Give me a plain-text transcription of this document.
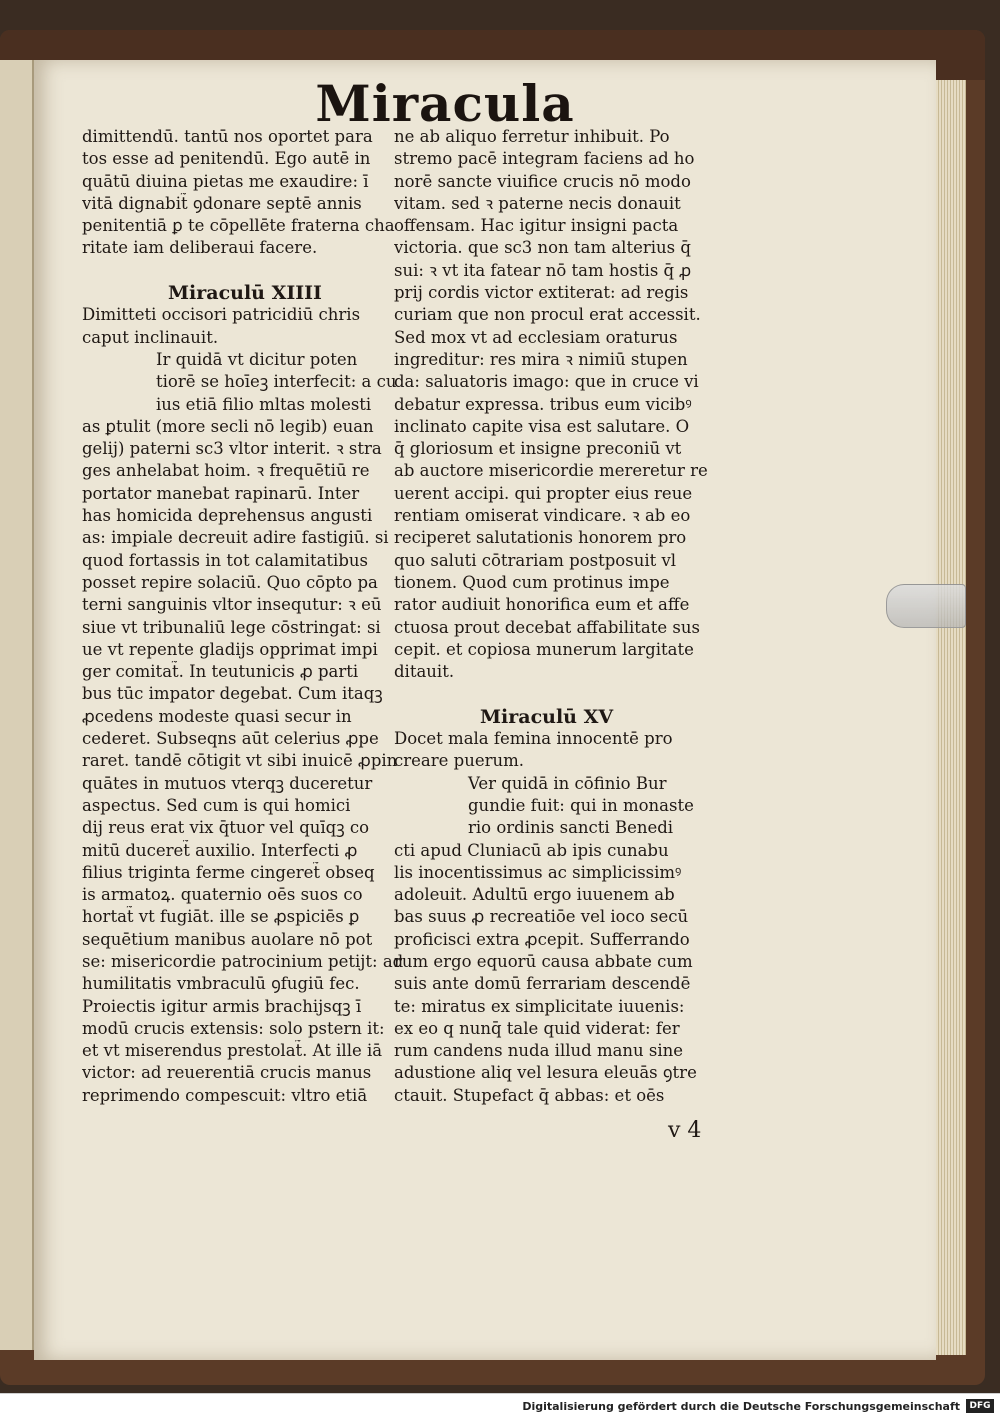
Miracula
dimittendū. tantū nos oportet para
tos esse ad penitendū. Ego autē in
quātū diuina pietas me exaudire: ī
vitā dignabit̃ ꝯdonare septē annis
penitentiā ꝑ te cōpellēte fraterna cha
ritate iam deliberaui facere.

Miraculū XIIII
Dimitteti occisori patricidiū chris
caput inclinauit.
Ir quidā vt dicitur poten
tiorē se hoīeꝫ interfecit: a cu
ius etiā filio mltas molesti
as ꝑtulit (more secli nō legib) euan
gelij) paterni sc3 vltor interit. ꝛ stra
ges anhelabat hoim. ꝛ frequētiū re
portator manebat rapinarū. Inter
has homicida deprehensus angusti
as: impiale decreuit adire fastigiū. si
quod fortassis in tot calamitatibus
posset repire solaciū. Quo cōpto pa
terni sanguinis vltor insequtur: ꝛ eū
siue vt tribunaliū lege cōstringat: si
ue vt repente gladijs opprimat impi
ger comitat̃. In teutunicis ꝓ parti
bus tūc impator degebat. Cum itaqꝫ
ꝓcedens modeste quasi secur in
cederet. Subseqns aūt celerius ꝓpe
raret. tandē cōtigit vt sibi inuicē ꝓpin
quātes in mutuos vterqꝫ duceretur
aspectus. Sed cum is qui homici
dij reus erat vix q̄tuor vel quīqꝫ co
mitū duceret̃ auxilio. Interfecti ꝓ
filius triginta ferme cingeret̃ obseq
is armatoꝝ. quaternio oēs suos co
hortat̃ vt fugiāt. ille se ꝓspiciēs ꝑ
sequētium manibus auolare nō pot
se: misericordie patrocinium petijt: ad
humilitatis vmbraculū ꝯfugiū fec.
Proiectis igitur armis brachijsqꝫ ī
modū crucis extensis: solo pstern it:
et vt miserendus prestolat̃. At ille iā
victor: ad reuerentiā crucis manus
reprimendo compescuit: vltro etiā
ne ab aliquo ferretur inhibuit. Po
stremo pacē integram faciens ad ho
norē sancte viuifice crucis nō modo
vitam. sed ꝛ paterne necis donauit
offensam. Hac igitur insigni pacta
victoria. que sc3 non tam alterius q̄
sui: ꝛ vt ita fatear nō tam hostis q̄ ꝓ
prij cordis victor extiterat: ad regis
curiam que non procul erat accessit.
Sed mox vt ad ecclesiam oraturus
ingreditur: res mira ꝛ nimiū stupen
da: saluatoris imago: que in cruce vi
debatur expressa. tribus eum vicibꝰ
inclinato capite visa est salutare. O
q̄ gloriosum et insigne preconiū vt
ab auctore misericordie mereretur re
uerent accipi. qui propter eius reue
rentiam omiserat vindicare. ꝛ ab eo
reciperet salutationis honorem pro
quo saluti cōtrariam postposuit vl
tionem. Quod cum protinus impe
rator audiuit honorifica eum et affe
ctuosa prout decebat affabilitate sus
cepit. et copiosa munerum largitate
ditauit.

Miraculū XV
Docet mala femina innocentē pro
creare puerum.
Ver quidā in cōfinio Bur
gundie fuit: qui in monaste
rio ordinis sancti Benedi
cti apud Cluniacū ab ipis cunabu
lis inocentissimus ac simplicissimꝰ
adoleuit. Adultū ergo iuuenem ab
bas suus ꝓ recreatiōe vel ioco secū
proficisci extra ꝓcepit. Sufferrando
rum ergo equorū causa abbate cum
suis ante domū ferrariam descendē
te: miratus ex simplicitate iuuenis:
ex eo q nunq̄ tale quid viderat: fer
rum candens nuda illud manu sine
adustione aliq vel lesura eleuās ꝯtre
ctauit. Stupefact q̄ abbas: et oēs
v 4
Digitalisierung gefördert durch die Deutsche Forschungsgemeinschaft	DFG
